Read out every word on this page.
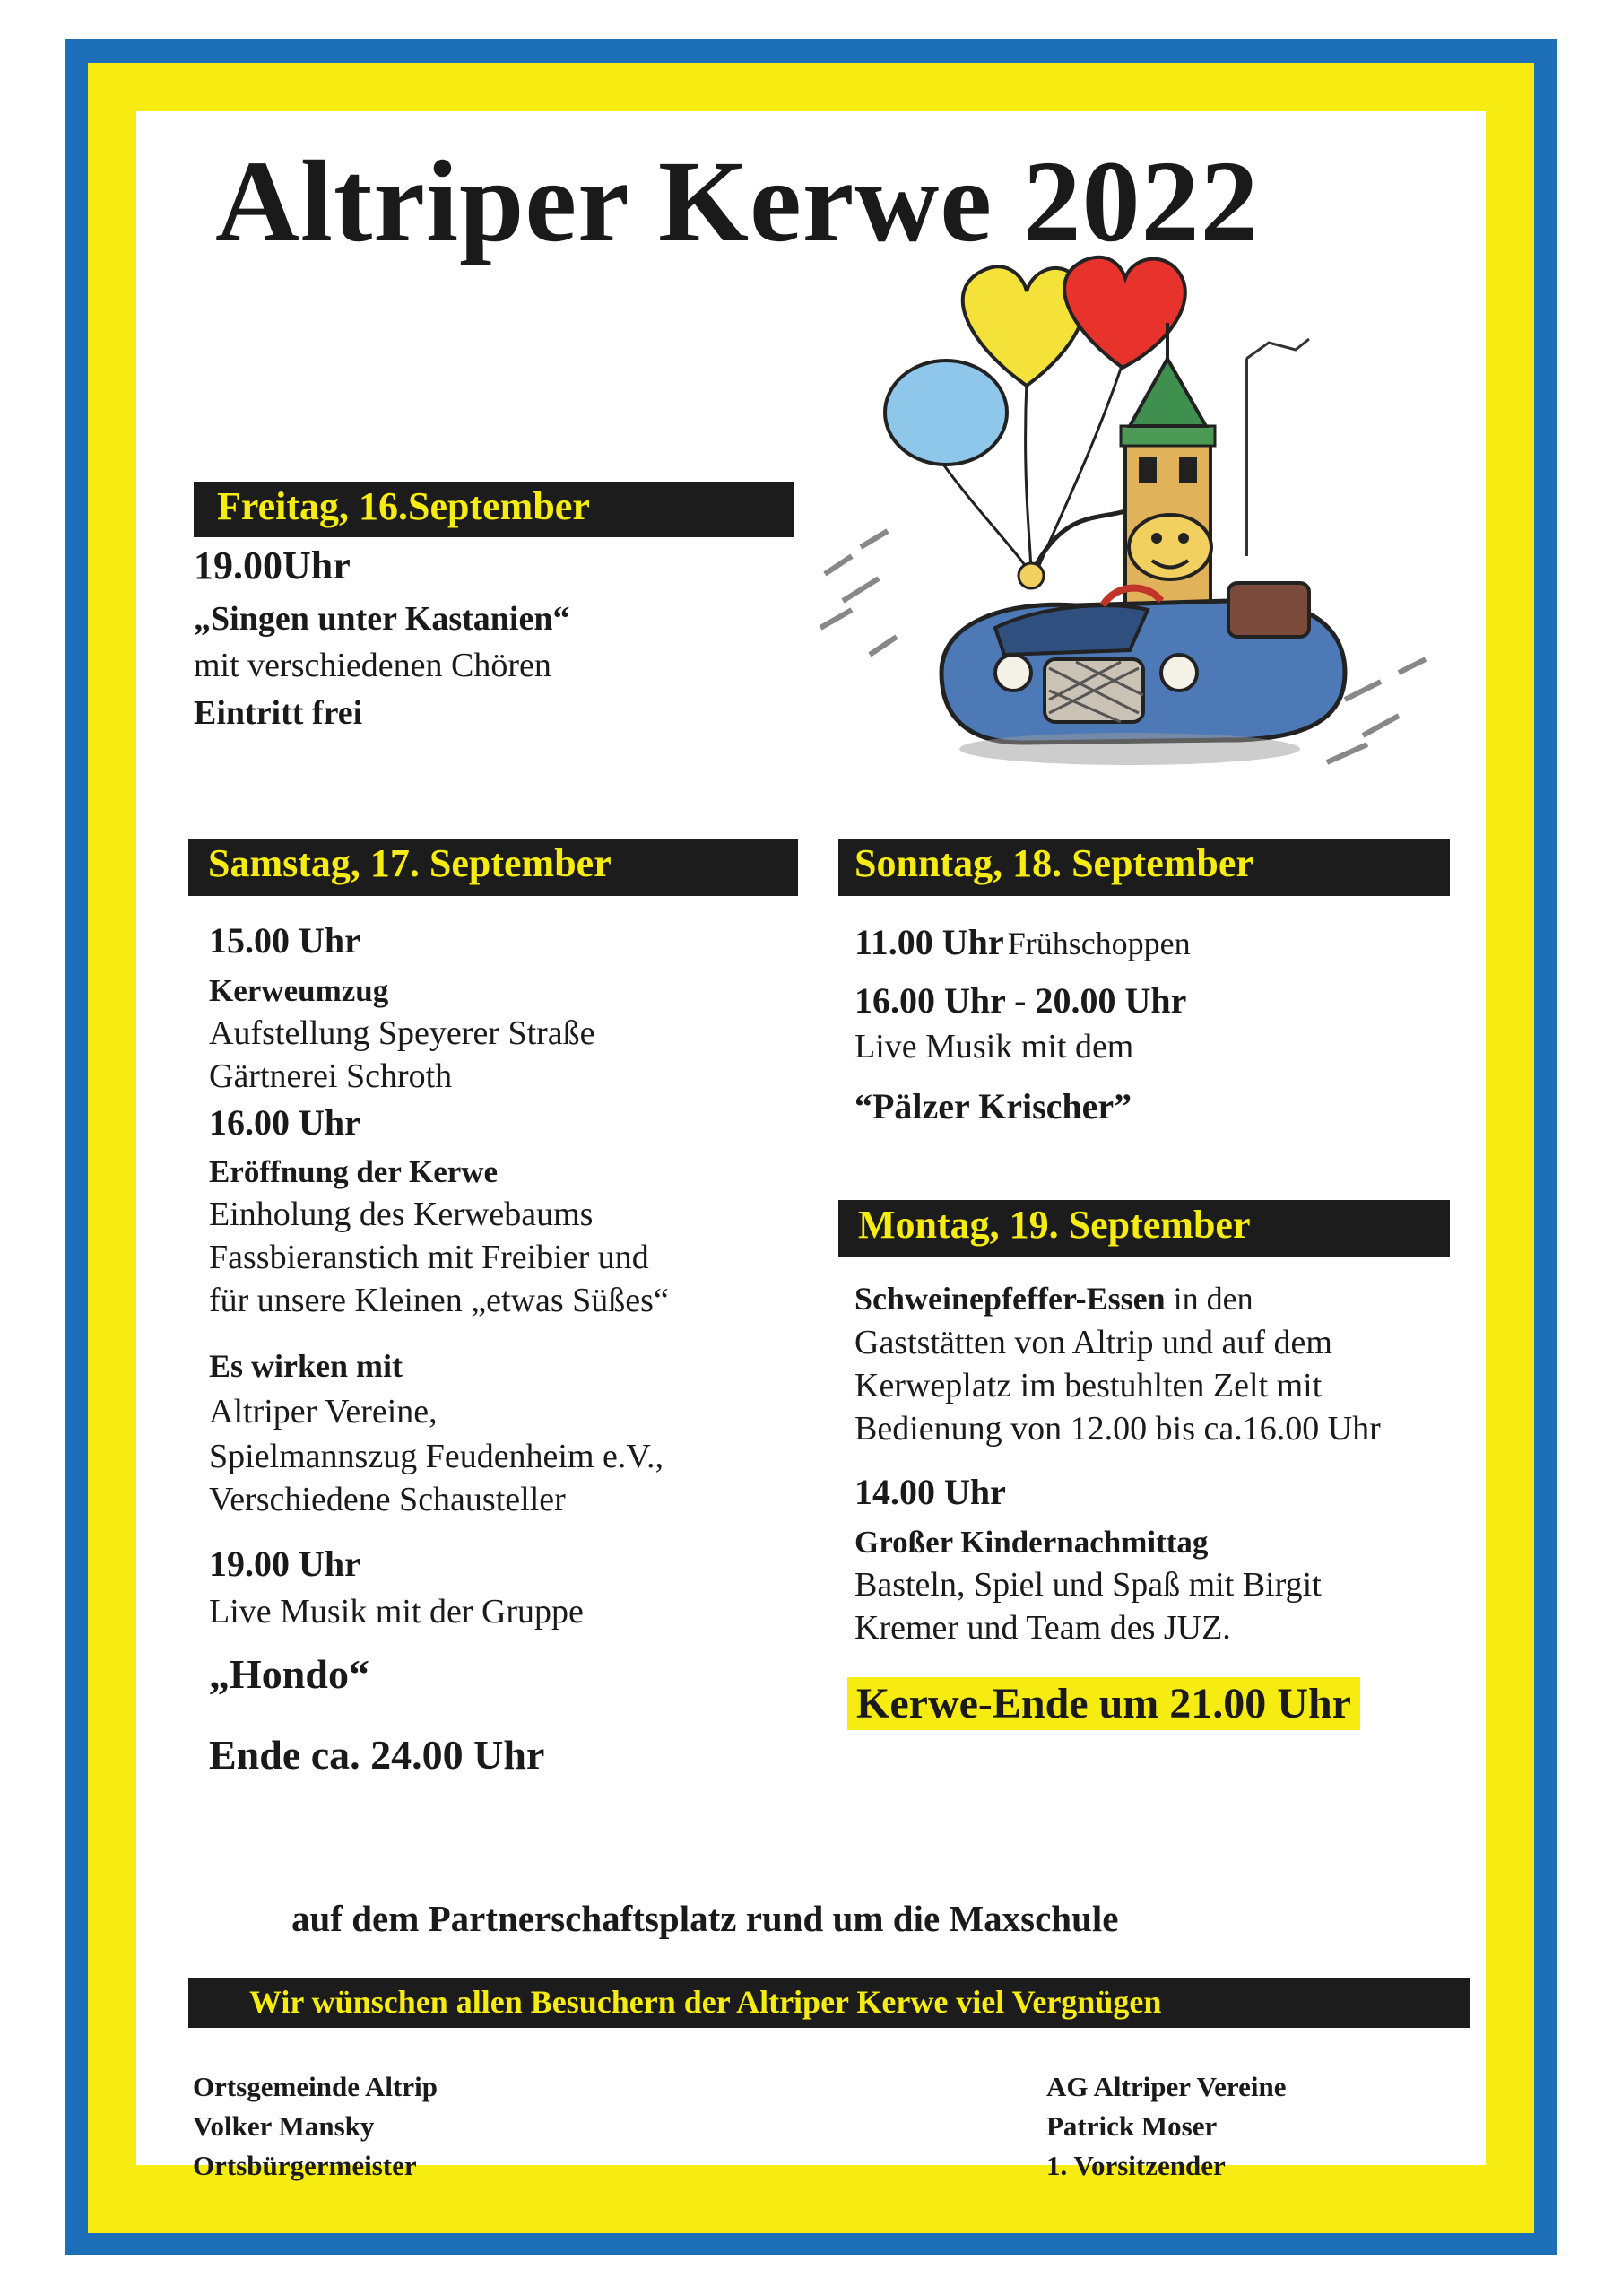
Altriper Kerwe 2022
Freitag, 16.September
19.00Uhr
„Singen unter Kastanien“
mit verschiedenen Chören
Eintritt frei
Samstag, 17. September
15.00 Uhr
Kerweumzug
Aufstellung Speyerer Straße
Gärtnerei Schroth
16.00 Uhr
Eröffnung der Kerwe
Einholung des Kerwebaums
Fassbieranstich mit Freibier und
für unsere Kleinen „etwas Süßes“
Es wirken mit
Altriper Vereine,
Spielmannszug Feudenheim e.V.,
Verschiedene Schausteller
19.00 Uhr
Live Musik mit der Gruppe
„Hondo“
Ende ca. 24.00 Uhr
Sonntag, 18. September
11.00 Uhr Frühschoppen
16.00 Uhr - 20.00 Uhr
Live Musik mit dem
“Pälzer Krischer”
Montag, 19. September
Schweinepfeffer-Essen in den
Gaststätten von Altrip und auf dem
Kerweplatz im bestuhlten Zelt mit
Bedienung von 12.00 bis ca.16.00 Uhr
14.00 Uhr
Großer Kindernachmittag
Basteln, Spiel und Spaß mit Birgit
Kremer und Team des JUZ.
Kerwe-Ende um 21.00 Uhr
auf dem Partnerschaftsplatz rund um die Maxschule
Wir wünschen allen Besuchern der Altriper Kerwe viel Vergnügen
Ortsgemeinde Altrip
Volker Mansky
Ortsbürgermeister
AG Altriper Vereine
Patrick Moser
1. Vorsitzender
